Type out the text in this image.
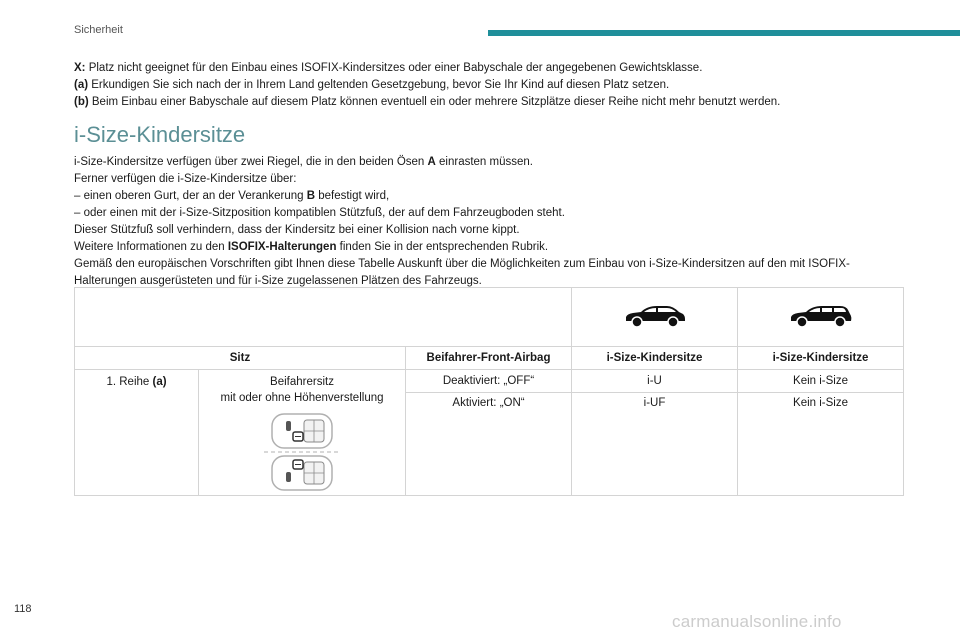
Sicherheit

X: Platz nicht geeignet für den Einbau eines ISOFIX-Kindersitzes oder einer Babyschale der angegebenen Gewichtsklasse.

(a) Erkundigen Sie sich nach der in Ihrem Land geltenden Gesetzgebung, bevor Sie Ihr Kind auf diesen Platz setzen.

(b) Beim Einbau einer Babyschale auf diesem Platz können eventuell ein oder mehrere Sitzplätze dieser Reihe nicht mehr benutzt werden.

i-Size-Kindersitze

i-Size-Kindersitze verfügen über zwei Riegel, die in den beiden Ösen A einrasten müssen.

Ferner verfügen die i-Size-Kindersitze über:

– einen oberen Gurt, der an der Verankerung B befestigt wird,

– oder einen mit der i-Size-Sitzposition kompatiblen Stützfuß, der auf dem Fahrzeugboden steht.

Dieser Stützfuß soll verhindern, dass der Kindersitz bei einer Kollision nach vorne kippt.

Weitere Informationen zu den ISOFIX-Halterungen finden Sie in der entsprechenden Rubrik.

Gemäß den europäischen Vorschriften gibt Ihnen diese Tabelle Auskunft über die Möglichkeiten zum Einbau von i-Size-Kindersitzen auf den mit ISOFIX-

Halterungen ausgerüsteten und für i-Size zugelassenen Plätzen des Fahrzeugs.

Sitz		Beifahrer-Front-Airbag	i-Size-Kindersitze	i-Size-Kindersitze

1. Reihe (a)	Beifahrersitz
mit oder ohne Höhenverstellung	Deaktiviert: „OFF“	i-U	Kein i-Size
		Aktiviert: „ON“	i-UF	Kein i-Size
118
carmanualsonline.info
